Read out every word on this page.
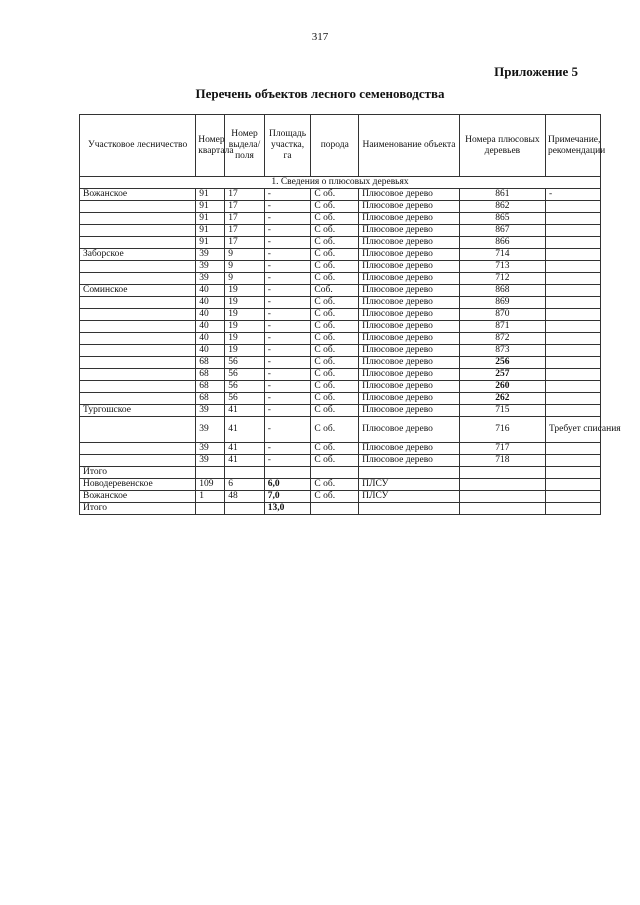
317
Приложение 5
Перечень объектов лесного семеноводства
Участковое лесничество	Номер квартала	Номер выдела/ поля	Площадь участка, га	порода	Наименование объекта	Номера плюсовых деревьев	Примечание, рекомендации
1. Сведения о плюсовых деревьях							
Вожанское	91	17	-	С об.	Плюсовое дерево	861	-
	91	17	-	С об.	Плюсовое дерево	862	
	91	17	-	С об.	Плюсовое дерево	865	
	91	17	-	С об.	Плюсовое дерево	867	
	91	17	-	С об.	Плюсовое дерево	866	
Заборское	39	9	-	С об.	Плюсовое дерево	714	
	39	9	-	С об.	Плюсовое дерево	713	
	39	9	-	С об.	Плюсовое дерево	712	
Соминское	40	19	-	Соб.	Плюсовое дерево	868	
	40	19	-	С об.	Плюсовое дерево	869	
	40	19	-	С об.	Плюсовое дерево	870	
	40	19	-	С об.	Плюсовое дерево	871	
	40	19	-	С об.	Плюсовое дерево	872	
	40	19	-	С об.	Плюсовое дерево	873	
	68	56	-	С об.	Плюсовое дерево	256	
	68	56	-	С об.	Плюсовое дерево	257	
	68	56	-	С об.	Плюсовое дерево	260	
	68	56	-	С об.	Плюсовое дерево	262	
Тургошское	39	41	-	С об.	Плюсовое дерево	715	
	39	41	-	С об.	Плюсовое дерево	716	Требует списания
	39	41	-	С об.	Плюсовое дерево	717	
	39	41	-	С об.	Плюсовое дерево	718	
Итого							
Новодеревенское	109	6	6,0	С об.	ПЛСУ		
Вожанское	1	48	7,0	С об.	ПЛСУ		
Итого			13,0				
